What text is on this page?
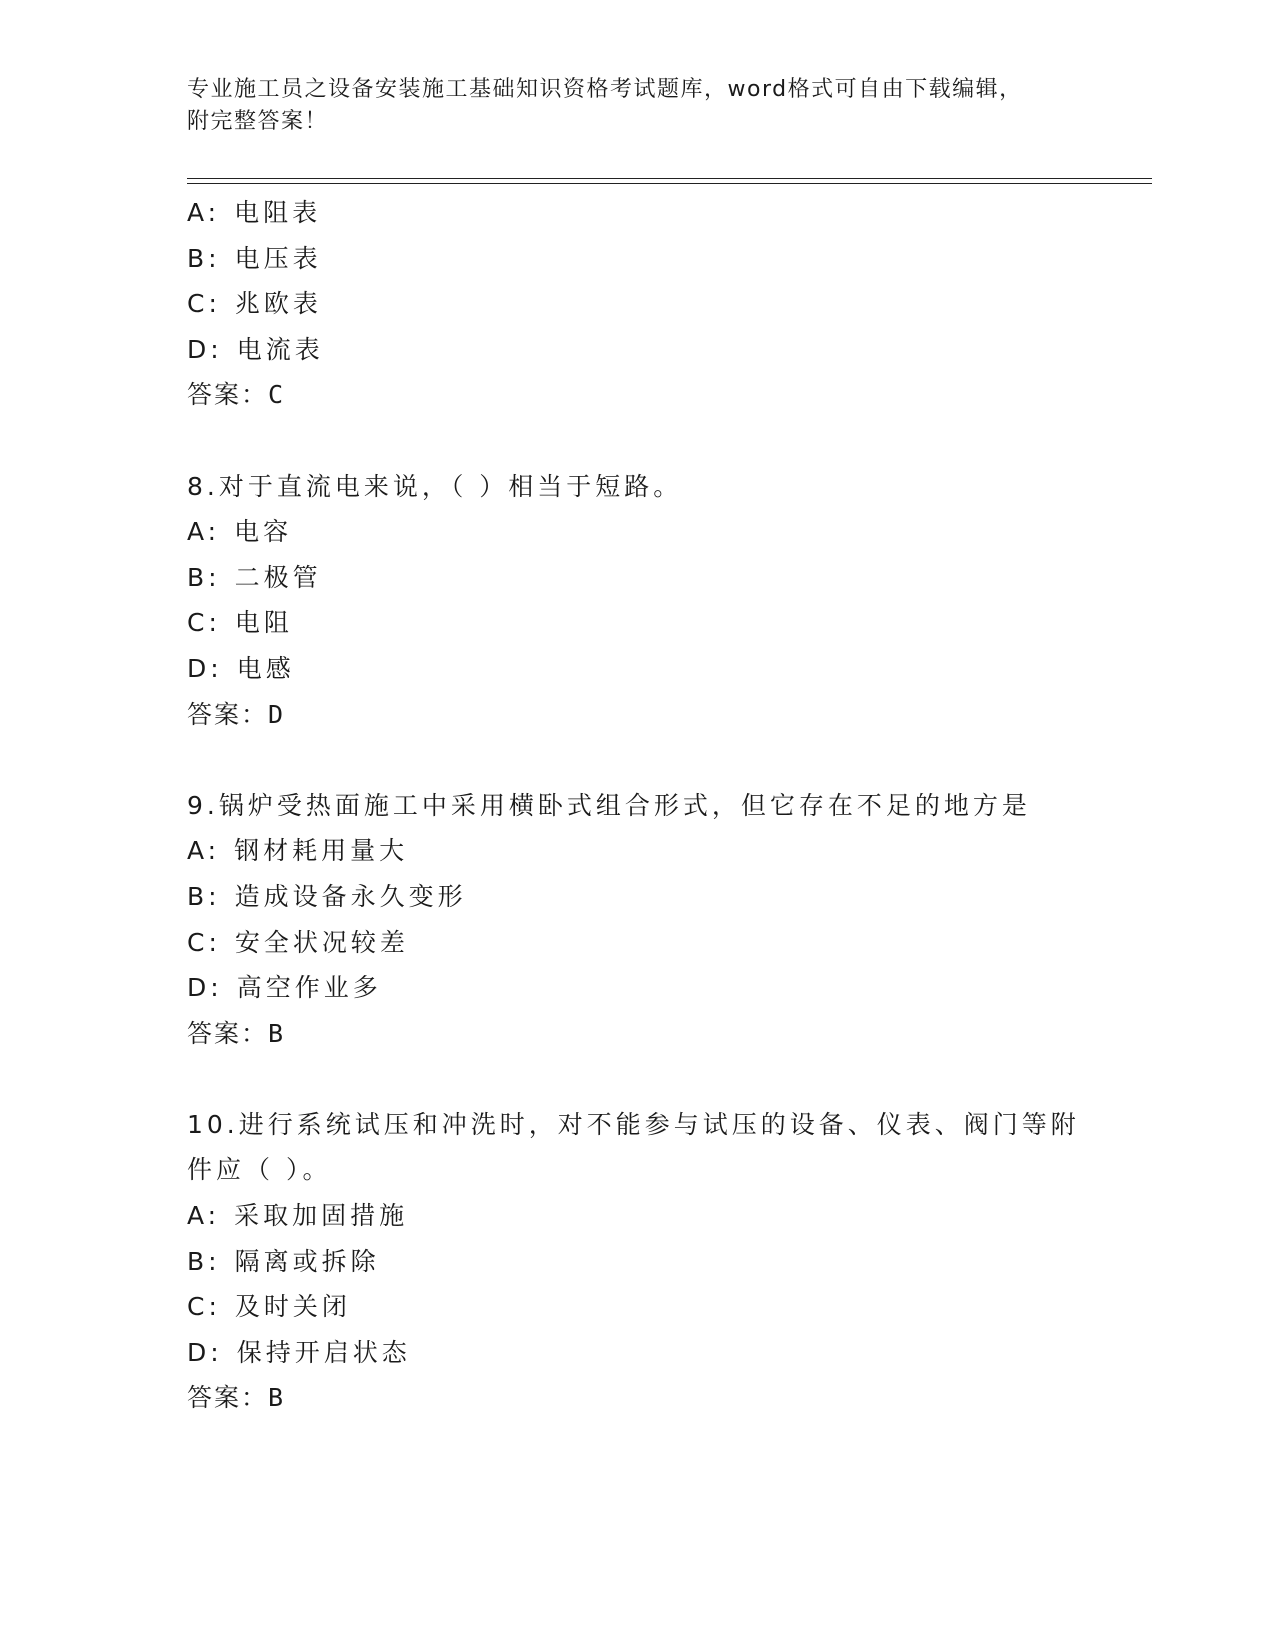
专业施工员之设备安装施工基础知识资格考试题库，word格式可自由下载编辑，
附完整答案！
A: 电阻表
B: 电压表
C: 兆欧表
D: 电流表
答案：C
8.对于直流电来说，（ ）相当于短路。
A: 电容
B: 二极管
C: 电阻
D: 电感
答案：D
9.锅炉受热面施工中采用横卧式组合形式，但它存在不足的地方是
A: 钢材耗用量大
B: 造成设备永久变形
C: 安全状况较差
D: 高空作业多
答案：B
10.进行系统试压和冲洗时，对不能参与试压的设备、仪表、阀门等附
件应（ ）。
A: 采取加固措施
B: 隔离或拆除
C: 及时关闭
D: 保持开启状态
答案：B
